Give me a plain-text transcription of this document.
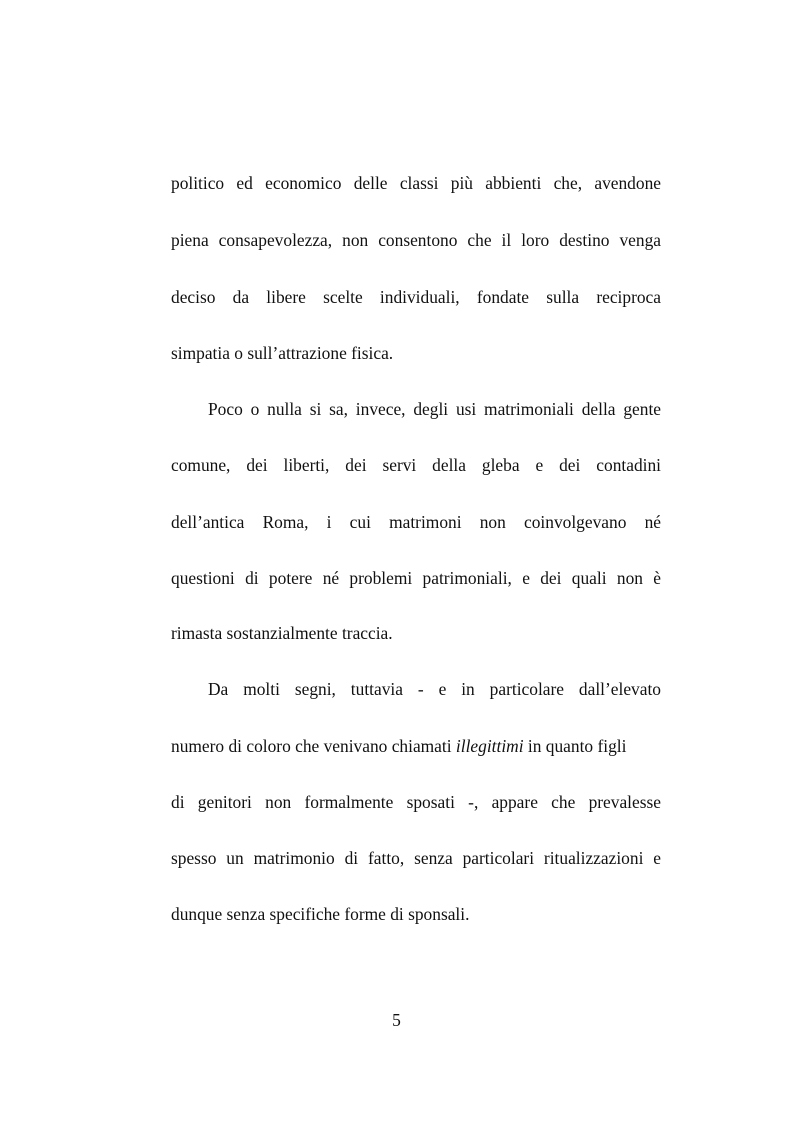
politico ed economico delle classi più abbienti che, avendone
piena consapevolezza, non consentono che il loro destino venga
deciso da libere scelte individuali, fondate sulla reciproca
simpatia o sull’attrazione fisica.
Poco o nulla si sa, invece, degli usi matrimoniali della gente
comune, dei liberti, dei servi della gleba e dei contadini
dell’antica Roma, i cui matrimoni non coinvolgevano né
questioni di potere né problemi patrimoniali, e dei quali non è
rimasta sostanzialmente traccia.
Da molti segni, tuttavia - e in particolare dall’elevato
numero di coloro che venivano chiamati illegittimi in quanto figli
di genitori non formalmente sposati -, appare che prevalesse
spesso un matrimonio di fatto, senza particolari ritualizzazioni e
dunque senza specifiche forme di sponsali.
5
